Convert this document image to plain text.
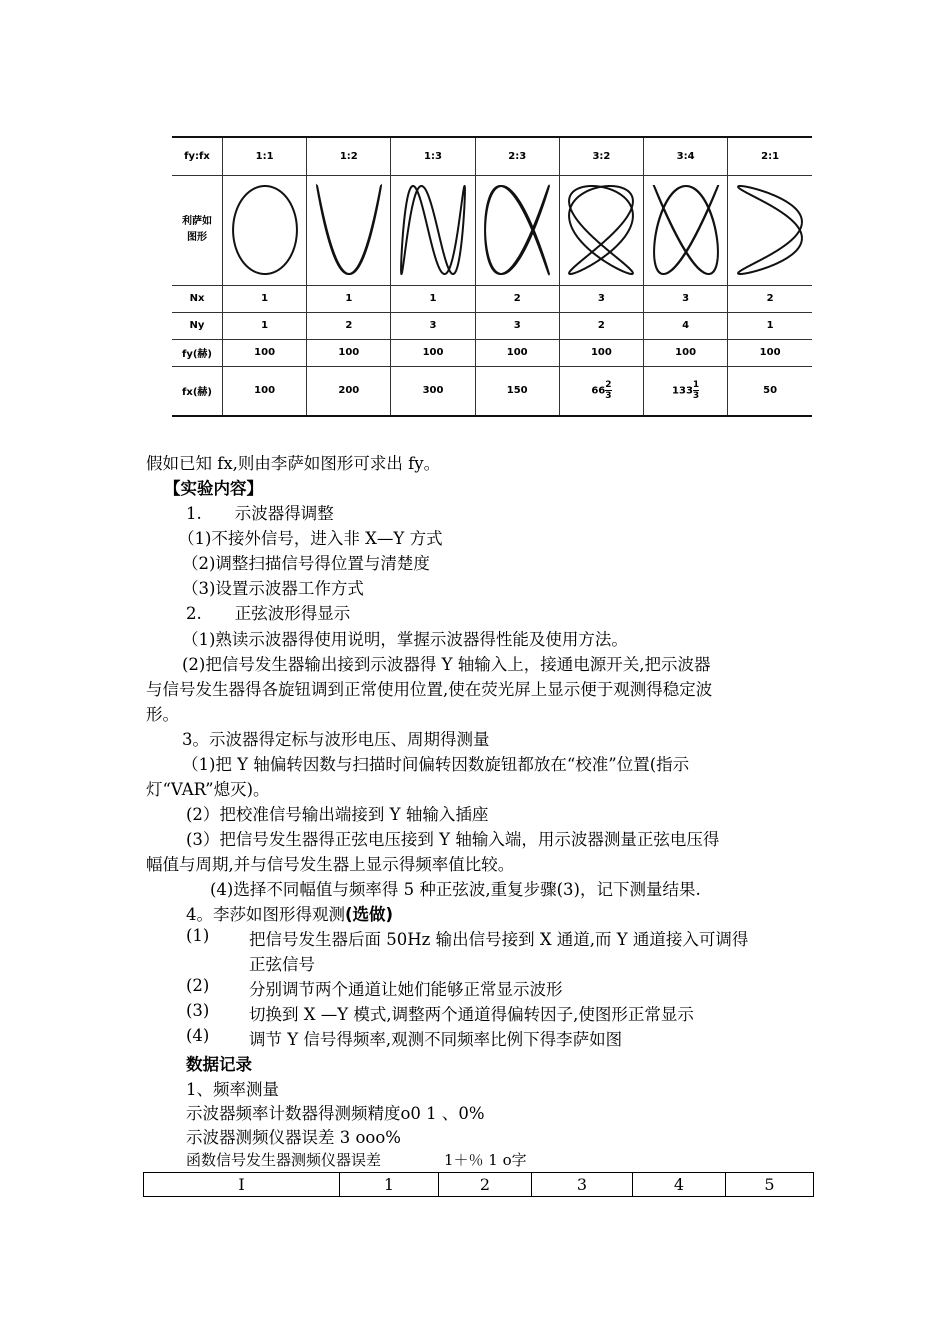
fy:fx	1:1	1:2	1:3	2:3	3:2	3:4	2:1

利萨如
图形

Nx	1	1	1	2	3	3	2
Ny	1	2	3	3	2	4	1
fy(赫)	100	100	100	100	100	100	100
fx(赫)	100	200	300	150	$66 \frac{2}{3}$	$133 \frac{1}{3}$	50
假如已知 fx,则由李萨如图形可求出 fy。
【实验内容】
1.　　示波器得调整
（1)不接外信号，进入非 X—Y 方式
（2)调整扫描信号得位置与清楚度
（3)设置示波器工作方式
2.　　正弦波形得显示
（1)熟读示波器得使用说明，掌握示波器得性能及使用方法。
(2)把信号发生器输出接到示波器得 Y 轴输入上，接通电源开关,把示波器
与信号发生器得各旋钮调到正常使用位置,使在荧光屏上显示便于观测得稳定波
形。
3。示波器得定标与波形电压、周期得测量
（1)把 Y 轴偏转因数与扫描时间偏转因数旋钮都放在“校准”位置(指示
灯“VAR”熄灭)。
(2）把校准信号输出端接到 Y 轴输入插座
(3）把信号发生器得正弦电压接到 Y 轴输入端，用示波器测量正弦电压得
幅值与周期,并与信号发生器上显示得频率值比较。
(4)选择不同幅值与频率得 5 种正弦波,重复步骤(3)，记下测量结果.
4。李莎如图形得观测(选做)
(1) 把信号发生器后面 50Hz 输出信号接到 X 通道,而 Y 通道接入可调得
正弦信号
(2) 分别调节两个通道让她们能够正常显示波形
(3) 切换到 X —Y 模式,调整两个通道得偏转因子,使图形正常显示
(4) 调节 Y 信号得频率,观测不同频率比例下得李萨如图
数据记录
1、频率测量
示波器频率计数器得测频精度ο0 1 、0%
示波器测频仪器误差 3 οοο%
函数信号发生器测频仪器误差	1＋％ 1 ο字
I	1	2	3	4	5
